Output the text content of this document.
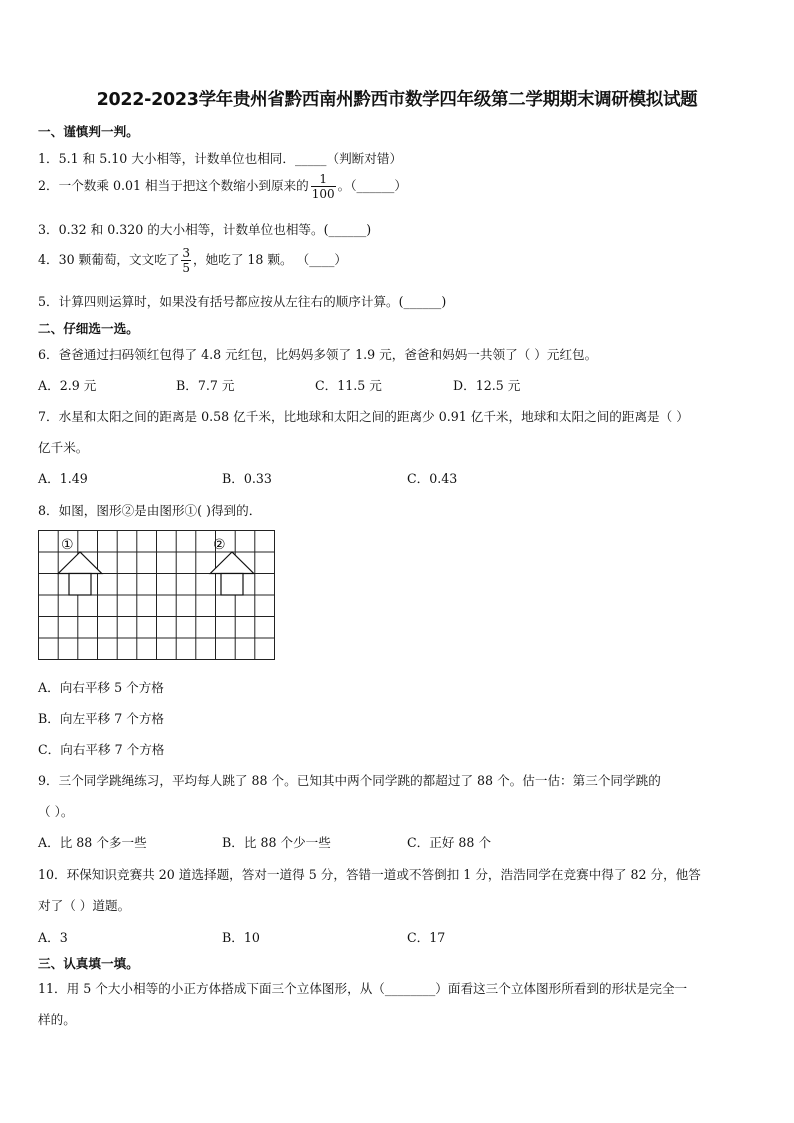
2022-2023学年贵州省黔西南州黔西市数学四年级第二学期期末调研模拟试题
一、谨慎判一判。
1．5.1 和 5.10 大小相等，计数单位也相同．_____（判断对错）
2．一个数乘 0.01 相当于把这个数缩小到原来的 $\frac{1}{100}$ 。（______）
3．0.32 和 0.320 的大小相等，计数单位也相等。(______)
4．30 颗葡萄，文文吃了 $\frac{3}{5}$ ，她吃了 18 颗。 （____）
5．计算四则运算时，如果没有括号都应按从左往右的顺序计算。(______)
二、仔细选一选。
6．爸爸通过扫码领红包得了 4.8 元红包，比妈妈多领了 1.9 元，爸爸和妈妈一共领了（ ）元红包。
A．2.9 元	B．7.7 元	C．11.5 元	D．12.5 元
7．水星和太阳之间的距离是 0.58 亿千米，比地球和太阳之间的距离少 0.91 亿千米，地球和太阳之间的距离是（ ）
亿千米。
A．1.49	B．0.33	C．0.43
8．如图，图形②是由图形①( )得到的．
①	②
A．向右平移 5 个方格
B．向左平移 7 个方格
C．向右平移 7 个方格
9．三个同学跳绳练习，平均每人跳了 88 个。已知其中两个同学跳的都超过了 88 个。估一估：第三个同学跳的
（ ）。
A．比 88 个多一些	B．比 88 个少一些	C．正好 88 个
10．环保知识竞赛共 20 道选择题，答对一道得 5 分，答错一道或不答倒扣 1 分，浩浩同学在竞赛中得了 82 分，他答
对了（ ）道题。
A．3	B．10	C．17
三、认真填一填。
11．用 5 个大小相等的小正方体搭成下面三个立体图形，从（________）面看这三个立体图形所看到的形状是完全一
样的。
